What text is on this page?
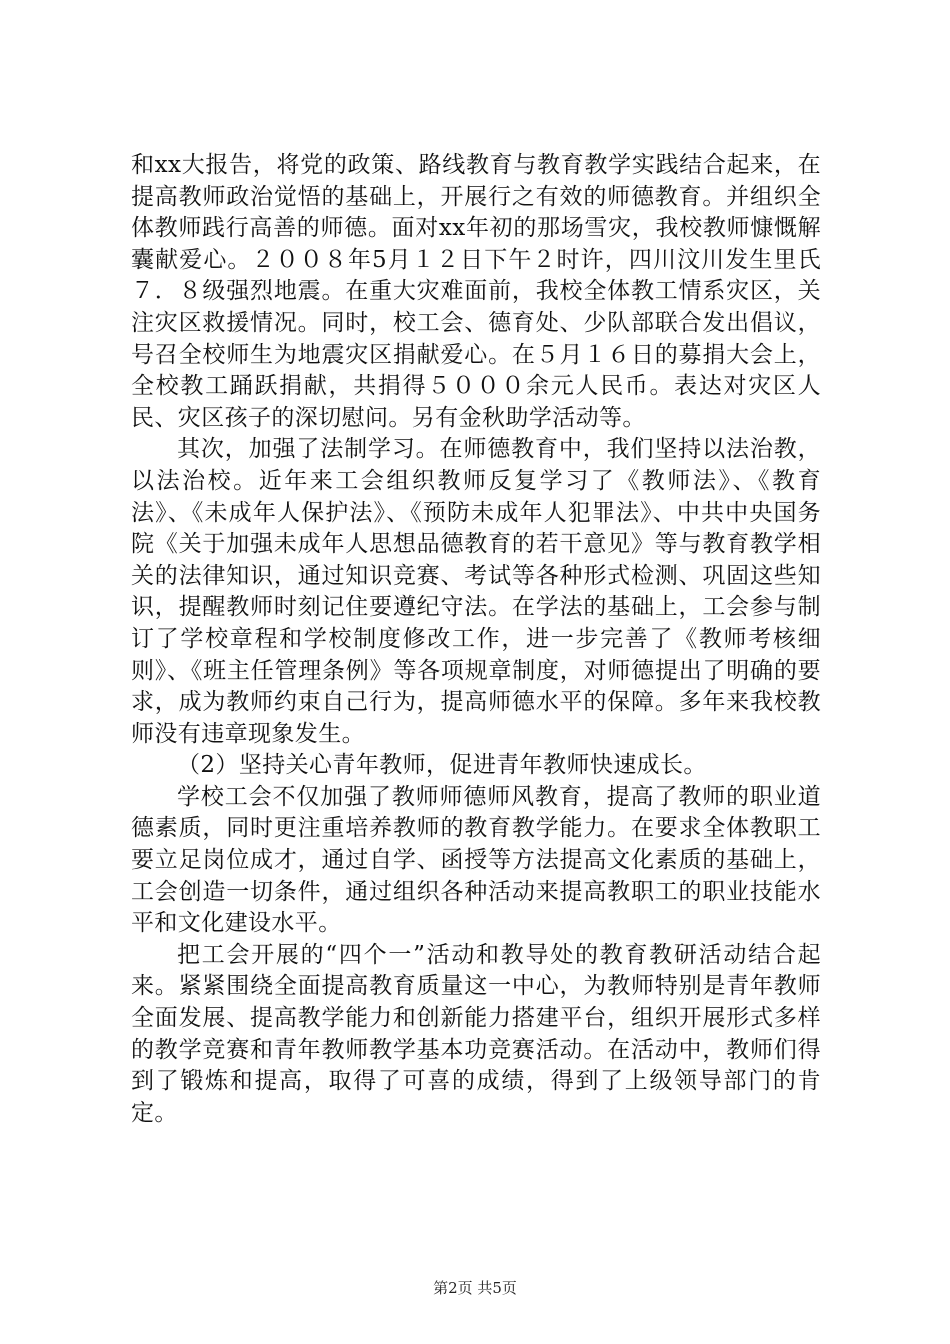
和xx大报告，将党的政策、路线教育与教育教学实践结合起来，在提高教师政治觉悟的基础上，开展行之有效的师德教育。并组织全体教师践行高善的师德。面对xx年初的那场雪灾，我校教师慷慨解囊献爱心。２００８年5月１２日下午２时许，四川汶川发生里氏７．８级强烈地震。在重大灾难面前，我校全体教工情系灾区，关注灾区救援情况。同时，校工会、德育处、少队部联合发出倡议，号召全校师生为地震灾区捐献爱心。在５月１６日的募捐大会上，全校教工踊跃捐献，共捐得５０００余元人民币。表达对灾区人民、灾区孩子的深切慰问。另有金秋助学活动等。

其次，加强了法制学习。在师德教育中，我们坚持以法治教，以法治校。近年来工会组织教师反复学习了《教师法》、《教育法》、《未成年人保护法》、《预防未成年人犯罪法》、中共中央国务院《关于加强未成年人思想品德教育的若干意见》等与教育教学相关的法律知识，通过知识竞赛、考试等各种形式检测、巩固这些知识，提醒教师时刻记住要遵纪守法。在学法的基础上，工会参与制订了学校章程和学校制度修改工作，进一步完善了《教师考核细则》、《班主任管理条例》等各项规章制度，对师德提出了明确的要求，成为教师约束自己行为，提高师德水平的保障。多年来我校教师没有违章现象发生。

（2）坚持关心青年教师，促进青年教师快速成长。

学校工会不仅加强了教师师德师风教育，提高了教师的职业道德素质，同时更注重培养教师的教育教学能力。在要求全体教职工要立足岗位成才，通过自学、函授等方法提高文化素质的基础上，工会创造一切条件，通过组织各种活动来提高教职工的职业技能水平和文化建设水平。

把工会开展的“四个一”活动和教导处的教育教研活动结合起来。紧紧围绕全面提高教育质量这一中心，为教师特别是青年教师全面发展、提高教学能力和创新能力搭建平台，组织开展形式多样的教学竞赛和青年教师教学基本功竞赛活动。在活动中，教师们得到了锻炼和提高，取得了可喜的成绩，得到了上级领导部门的肯定。

第2页 共5页
